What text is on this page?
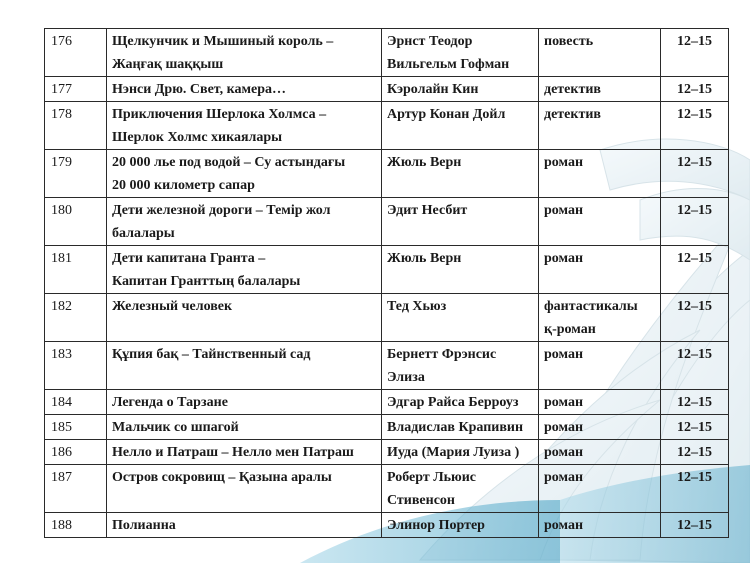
176	Щелкунчик и Мышиный король –
Жаңғақ шаққыш	Эрнст Теодор
Вильгельм Гофман	повесть	12–15
177	Нэнси Дрю. Свет, камера…	Кэролайн Кин	детектив	12–15
178	Приключения Шерлока Холмса –
Шерлок Холмс хикаялары	Артур Конан Дойл	детектив	12–15
179	20 000 лье под водой – Су астындағы
20 000 километр сапар	Жюль Верн	роман	12–15
180	Дети железной дороги – Темір жол
балалары	Эдит Несбит	роман	12–15
181	Дети капитана Гранта –
Капитан Гранттың балалары	Жюль Верн	роман	12–15
182	Железный человек	Тед Хьюз	фантастикалы
қ-роман	12–15
183	Құпия бақ – Тайнственный сад	Бернетт Фрэнсис
Элиза	роман	12–15
184	Легенда о Тарзане	Эдгар Райса Берроуз	роман	12–15
185	Мальчик со шпагой	Владислав Крапивин	роман	12–15
186	Нелло и Патраш – Нелло мен Патраш	Иуда (Мария Луиза )	роман	12–15
187	Остров сокровищ – Қазына аралы	Роберт Льюис
Стивенсон	роман	12–15
188	Полианна	Элинор Портер	роман	12–15
